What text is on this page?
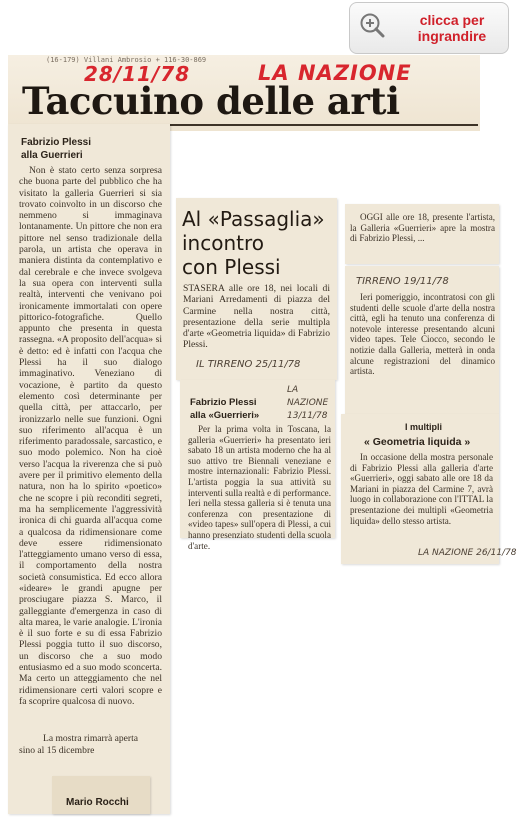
clicca per
ingrandire
(16-179) Villani Ambrosio + 116-30-869
28/11/78	LA NAZIONE
Taccuino delle arti
Fabrizio Plessi
alla Guerrieri
Non è stato certo senza sorpresa che buona parte del pubblico che ha visitato la galleria Guerrieri si sia trovato coinvolto in un discorso che nemmeno si immaginava lontanamente. Un pittore che non era pittore nel senso tradizionale della parola, un artista che operava in maniera distinta da contemplativo e dal cerebrale e che invece svolgeva la sua opera con interventi sulla realtà, interventi che venivano poi ironicamente immortalati con opere pittorico-fotografiche. Quello appunto che presenta in questa rassegna. «A proposito dell'acqua» si è detto: ed è infatti con l'acqua che Plessi ha il suo dialogo immaginativo. Veneziano di vocazione, è partito da questo elemento così determinante per quella città, per attaccarlo, per ironizzarlo nelle sue funzioni. Ogni suo riferimento all'acqua è un riferimento paradossale, sarcastico, e suo modo polemico. Non ha cioè verso l'acqua la riverenza che si può avere per il primitivo elemento della natura, non ha lo spirito «poetico» che ne scopre i più reconditi segreti, ma ha semplicemente l'aggressività ironica di chi guarda all'acqua come a qualcosa da ridimensionare come deve essere ridimensionato l'atteggiamento umano verso di essa, il comportamento della nostra società consumistica. Ed ecco allora «ideare» le grandi apugne per prosciugare piazza S. Marco, il galleggiante d'emergenza in caso di alta marea, le varie analogie. L'ironia è il suo forte e su di essa Fabrizio Plessi poggia tutto il suo discorso, un discorso che a suo modo entusiasmo ed a suo modo sconcerta. Ma certo un atteggiamento che nel ridimensionare certi valori scopre e fa scoprire qualcosa di nuovo.
La mostra rimarrà aperta
sino al 15 dicembre
Mario Rocchi
Al «Passaglia»
incontro
con Plessi
STASERA alle ore 18, nei locali di Mariani Arredamenti di piazza del Carmine nella nostra città, presentazione della serie multipla d'arte «Geometria liquida» di Fabrizio Plessi.
IL TIRRENO 25/11/78
Fabrizio Plessi
alla «Guerrieri»
LA NAZIONE 13/11/78
Per la prima volta in Toscana, la galleria «Guerrieri» ha presentato ieri sabato 18 un artista moderno che ha al suo attivo tre Biennali veneziane e mostre internazionali: Fabrizio Plessi. L'artista poggia la sua attività su interventi sulla realtà e di performance. Ieri nella stessa galleria si è tenuta una conferenza con presentazione di «video tapes» sull'opera di Plessi, a cui hanno presenziato studenti della scuola d'arte.
OGGI alle ore 18, presente l'artista, la Galleria «Guerrieri» apre la mostra di Fabrizio Plessi, ...
TIRRENO 19/11/78
Ieri pomeriggio, incontratosi con gli studenti delle scuole d'arte della nostra città, egli ha tenuto una conferenza di notevole interesse presentando alcuni video tapes. Tele Ciocco, secondo le notizie dalla Galleria, metterà in onda alcune registrazioni del dinamico artista.
I multipli
« Geometria liquida »
In occasione della mostra personale di Fabrizio Plessi alla galleria d'arte «Guerrieri», oggi sabato alle ore 18 da Mariani in piazza del Carmine 7, avrà luogo in collaborazione con l'ITTAL la presentazione dei multipli «Geometria liquida» dello stesso artista.
LA NAZIONE 26/11/78
